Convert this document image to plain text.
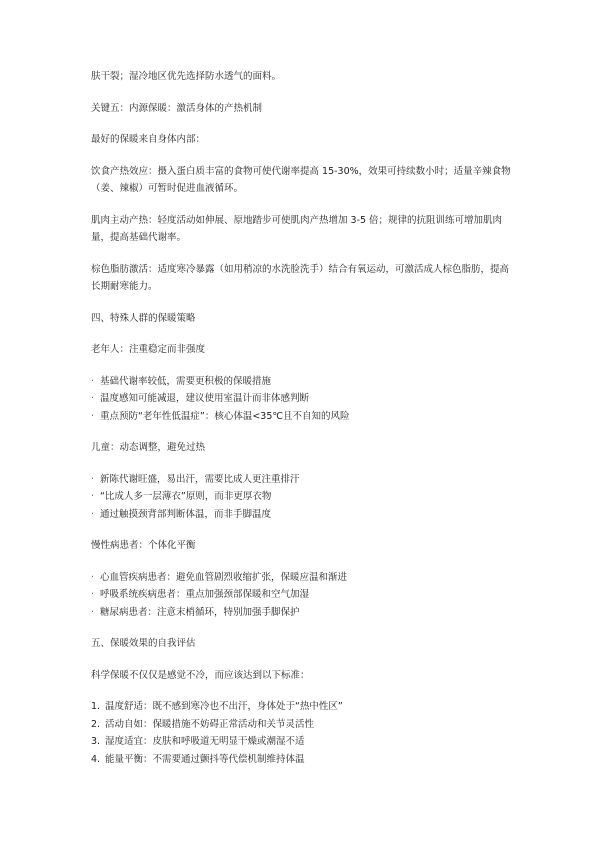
肤干裂；湿冷地区优先选择防水透气的面料。

关键五：内源保暖：激活身体的产热机制

最好的保暖来自身体内部：

饮食产热效应：摄入蛋白质丰富的食物可使代谢率提高 15-30%，效果可持续数小时；适量辛辣食物（姜、辣椒）可暂时促进血液循环。

肌肉主动产热：轻度活动如伸展、原地踏步可使肌肉产热增加 3-5 倍；规律的抗阻训练可增加肌肉量，提高基础代谢率。

棕色脂肪激活：适度寒冷暴露（如用稍凉的水洗脸洗手）结合有氧运动，可激活成人棕色脂肪，提高长期耐寒能力。

四、特殊人群的保暖策略

老年人：注重稳定而非强度

· 基础代谢率较低，需要更积极的保暖措施
· 温度感知可能减退，建议使用室温计而非体感判断
· 重点预防“老年性低温症”：核心体温<35℃且不自知的风险

儿童：动态调整，避免过热

· 新陈代谢旺盛，易出汗，需要比成人更注重排汗
· “比成人多一层薄衣”原则，而非更厚衣物
· 通过触摸颈背部判断体温，而非手脚温度

慢性病患者：个体化平衡

· 心血管疾病患者：避免血管剧烈收缩扩张，保暖应温和渐进
· 呼吸系统疾病患者：重点加强颈部保暖和空气加湿
· 糖尿病患者：注意末梢循环，特别加强手脚保护

五、保暖效果的自我评估

科学保暖不仅仅是感觉不冷，而应该达到以下标准：

1. 温度舒适：既不感到寒冷也不出汗，身体处于“热中性区”
2. 活动自如：保暖措施不妨碍正常活动和关节灵活性
3. 湿度适宜：皮肤和呼吸道无明显干燥或潮湿不适
4. 能量平衡：不需要通过颤抖等代偿机制维持体温
